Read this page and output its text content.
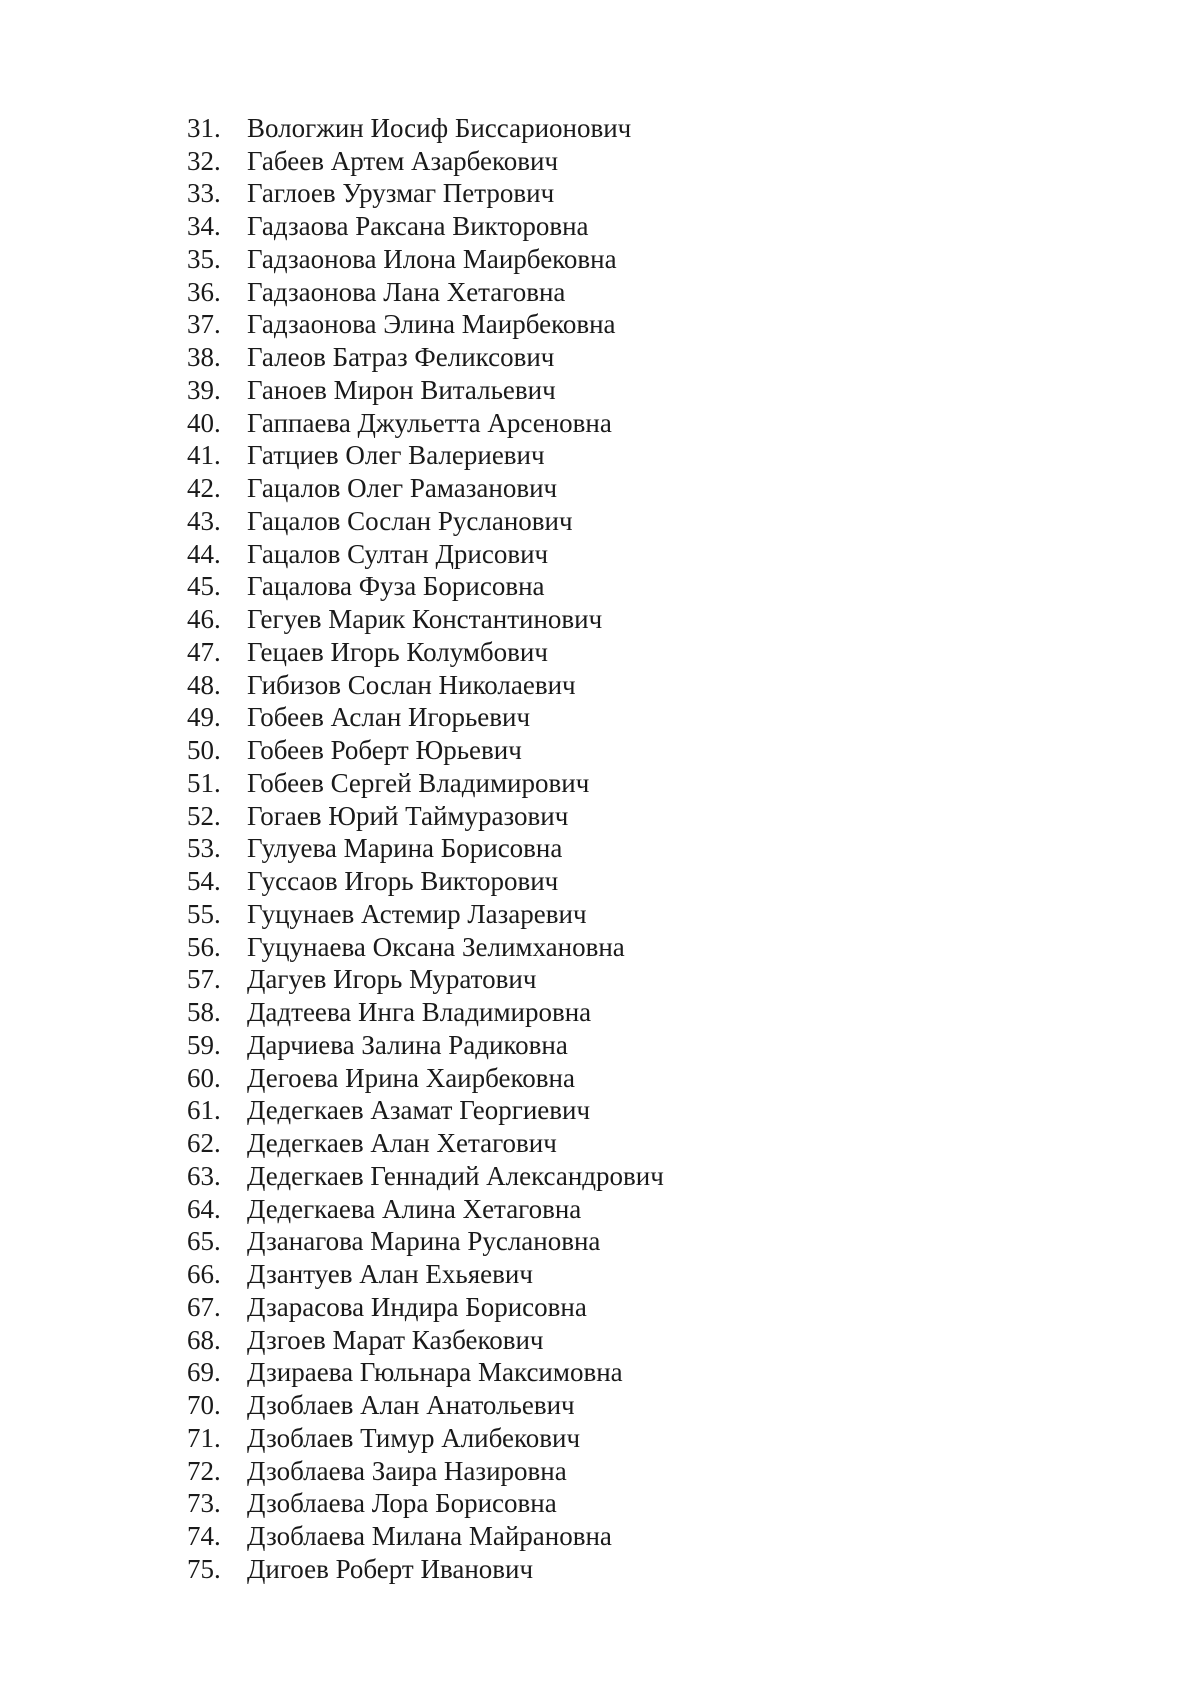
31. Вологжин Иосиф Биссарионович
32. Габеев Артем Азарбекович
33. Гаглоев Урузмаг Петрович
34. Гадзаова Раксана Викторовна
35. Гадзаонова Илона Маирбековна
36. Гадзаонова Лана Хетаговна
37. Гадзаонова Элина Маирбековна
38. Галеов Батраз Феликсович
39. Ганоев Мирон Витальевич
40. Гаппаева Джульетта Арсеновна
41. Гатциев Олег Валериевич
42. Гацалов Олег Рамазанович
43. Гацалов Сослан Русланович
44. Гацалов Султан Дрисович
45. Гацалова Фуза Борисовна
46. Гегуев Марик Константинович
47. Гецаев Игорь Колумбович
48. Гибизов Сослан Николаевич
49. Гобеев Аслан Игорьевич
50. Гобеев Роберт Юрьевич
51. Гобеев Сергей Владимирович
52. Гогаев Юрий Таймуразович
53. Гулуева Марина Борисовна
54. Гуссаов Игорь Викторович
55. Гуцунаев Астемир Лазаревич
56. Гуцунаева Оксана Зелимхановна
57. Дагуев Игорь Муратович
58. Дадтеева Инга Владимировна
59. Дарчиева Залина Радиковна
60. Дегоева Ирина Хаирбековна
61. Дедегкаев Азамат Георгиевич
62. Дедегкаев Алан Хетагович
63. Дедегкаев Геннадий Александрович
64. Дедегкаева Алина Хетаговна
65. Дзанагова Марина Руслановна
66. Дзантуев Алан Ехьяевич
67. Дзарасова Индира Борисовна
68. Дзгоев Марат Казбекович
69. Дзираева Гюльнара Максимовна
70. Дзоблаев Алан Анатольевич
71. Дзоблаев Тимур Алибекович
72. Дзоблаева Заира Назировна
73. Дзоблаева Лора Борисовна
74. Дзоблаева Милана Майрановна
75. Дигоев Роберт Иванович
